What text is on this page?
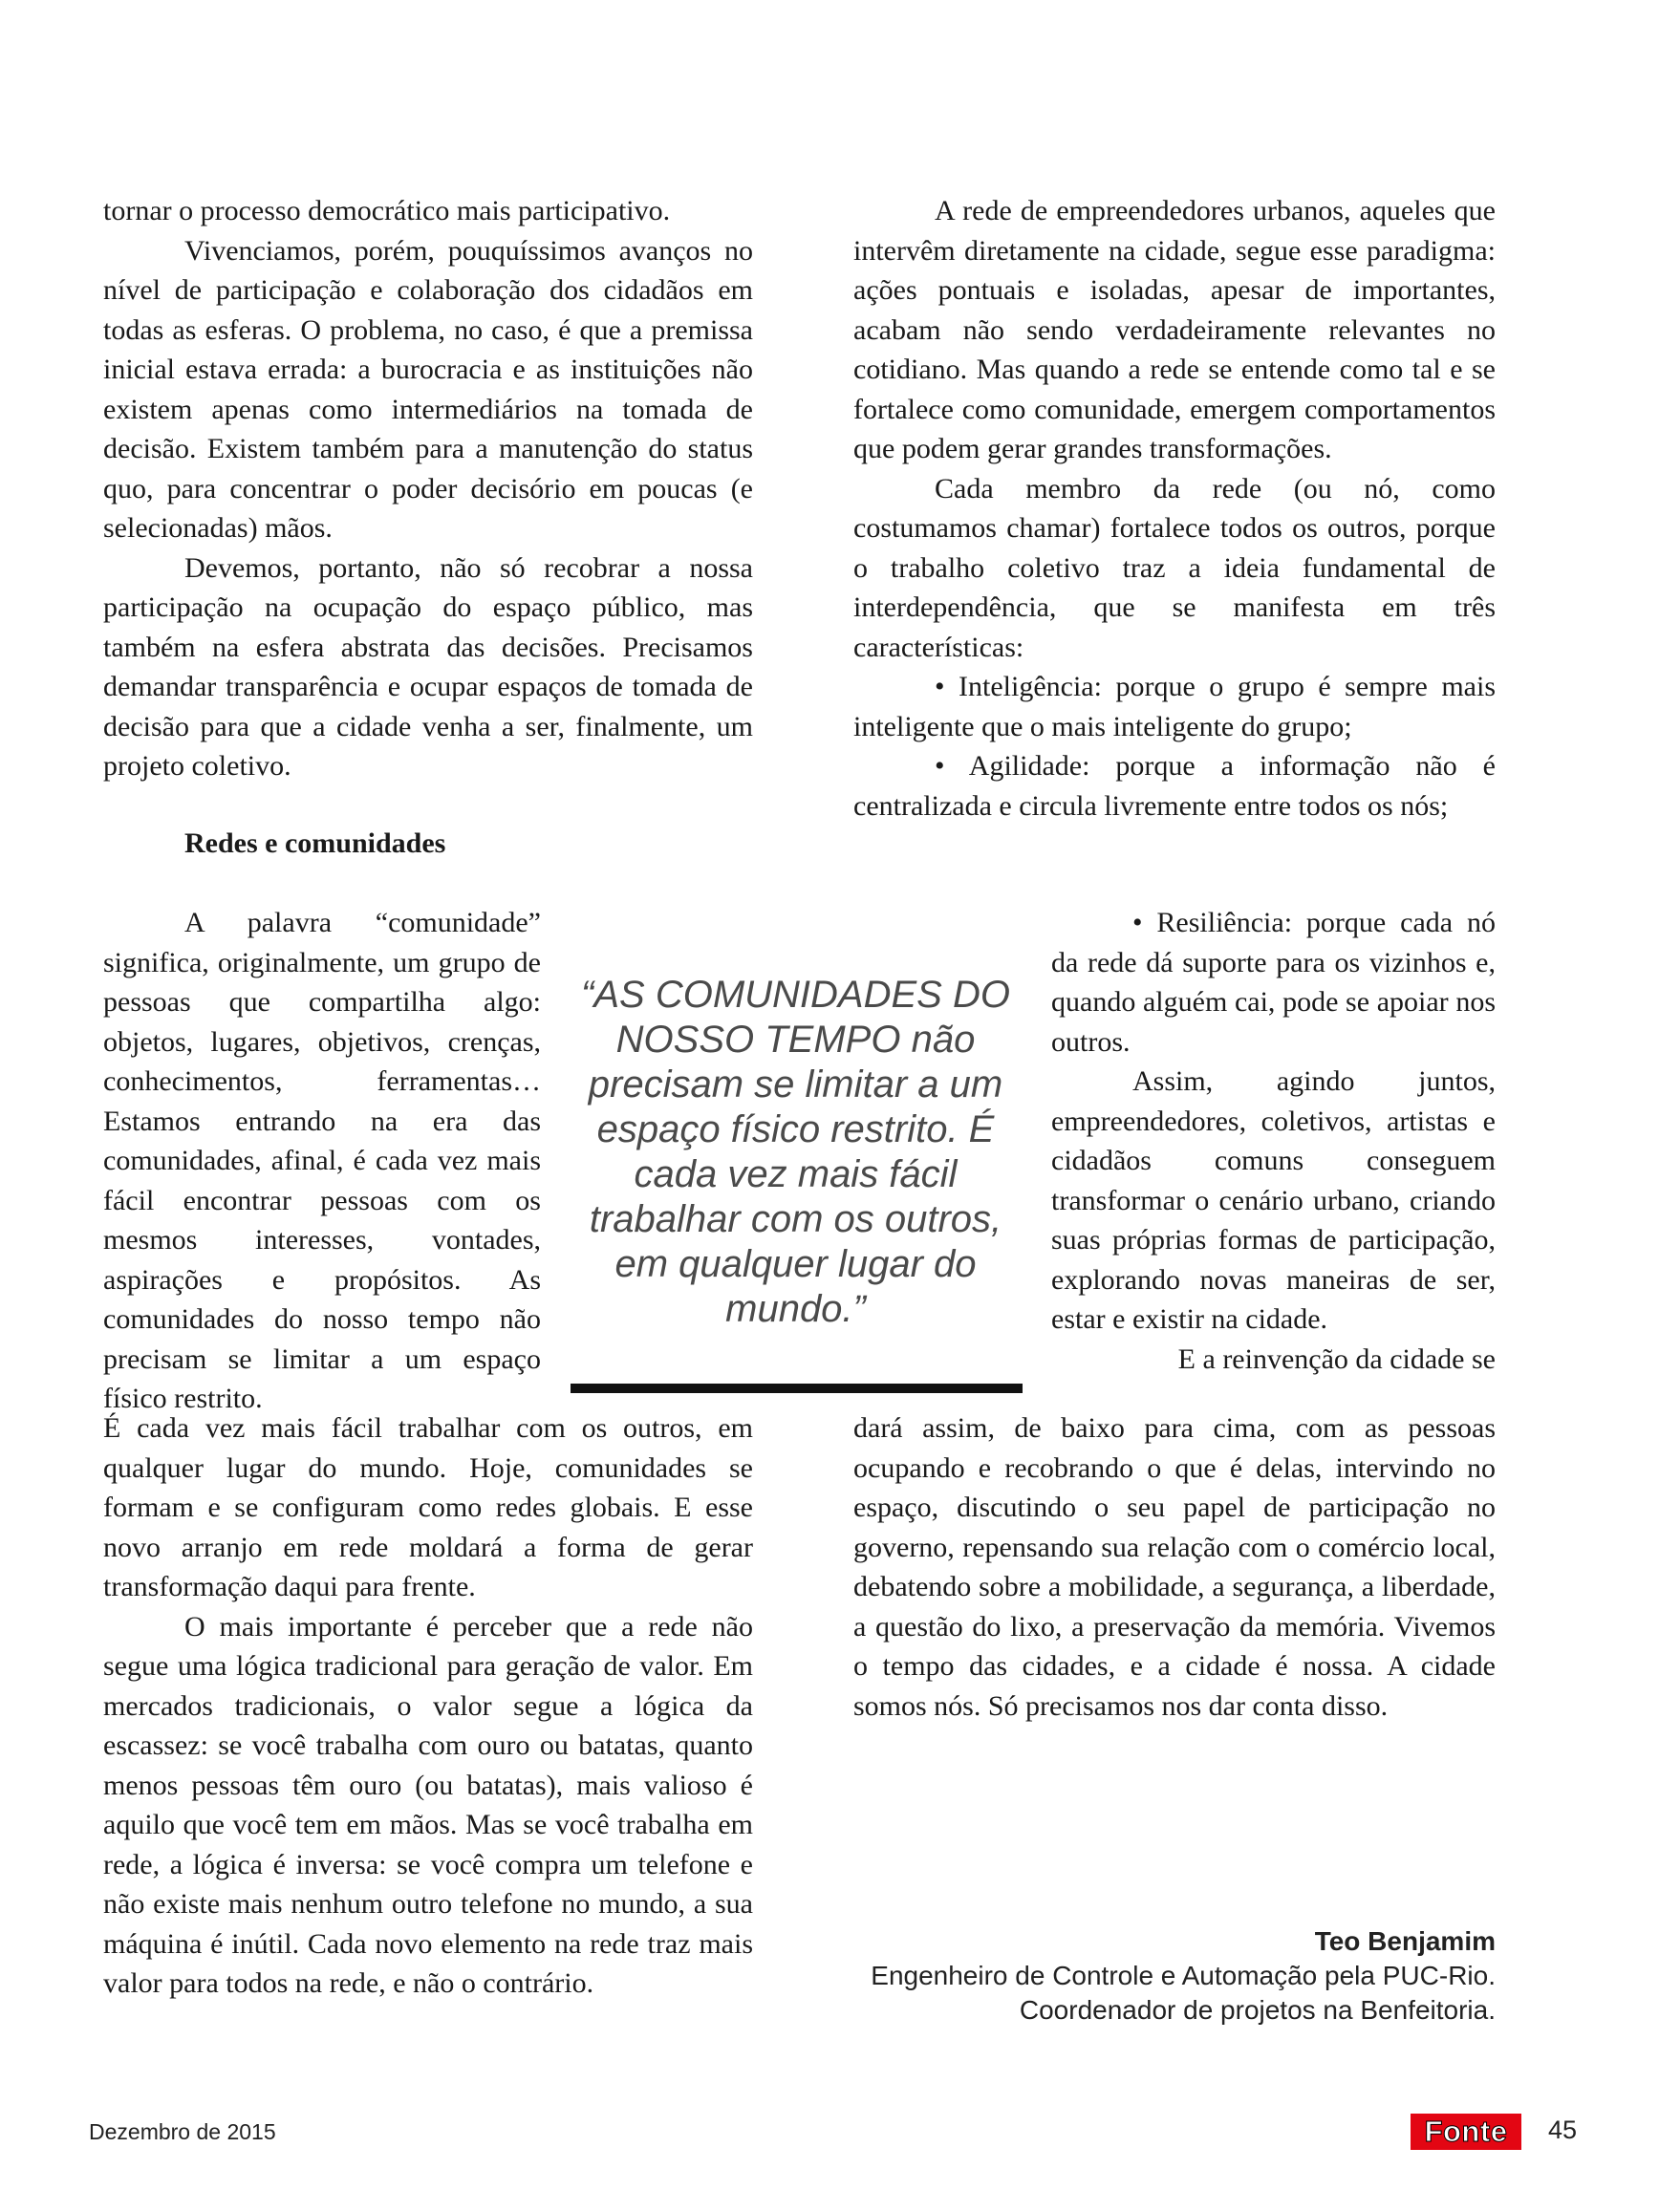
tornar o processo democrático mais participativo.

Vivenciamos, porém, pouquíssimos avanços no nível de participação e colaboração dos cidadãos em todas as esferas. O problema, no caso, é que a premissa inicial estava errada: a burocracia e as instituições não existem apenas como intermediários na tomada de decisão. Existem também para a manutenção do status quo, para concentrar o poder decisório em poucas (e selecionadas) mãos.

Devemos, portanto, não só recobrar a nossa participação na ocupação do espaço público, mas também na esfera abstrata das decisões. Precisamos demandar transparência e ocupar espaços de tomada de decisão para que a cidade venha a ser, finalmente, um projeto coletivo.

Redes e comunidades

A palavra “comunidade” significa, originalmente, um grupo de pessoas que compartilha algo: objetos, lugares, objetivos, crenças, conhecimentos, ferramentas… Estamos entrando na era das comunidades, afinal, é cada vez mais fácil encontrar pessoas com os mesmos interesses, vontades, aspirações e propósitos. As comunidades do nosso tempo não precisam se limitar a um espaço físico restrito.

É cada vez mais fácil trabalhar com os outros, em qualquer lugar do mundo. Hoje, comunidades se formam e se configuram como redes globais. E esse novo arranjo em rede moldará a forma de gerar transformação daqui para frente.

O mais importante é perceber que a rede não segue uma lógica tradicional para geração de valor. Em mercados tradicionais, o valor segue a lógica da escassez: se você trabalha com ouro ou batatas, quanto menos pessoas têm ouro (ou batatas), mais valioso é aquilo que você tem em mãos. Mas se você trabalha em rede, a lógica é inversa: se você compra um telefone e não existe mais nenhum outro telefone no mundo, a sua máquina é inútil. Cada novo elemento na rede traz mais valor para todos na rede, e não o contrário.

A rede de empreendedores urbanos, aqueles que intervêm diretamente na cidade, segue esse paradigma: ações pontuais e isoladas, apesar de importantes, acabam não sendo verdadeiramente relevantes no cotidiano. Mas quando a rede se entende como tal e se fortalece como comunidade, emergem comportamentos que podem gerar grandes transformações.

Cada membro da rede (ou nó, como costumamos chamar) fortalece todos os outros, porque o trabalho coletivo traz a ideia fundamental de interdependência, que se manifesta em três características:

• Inteligência: porque o grupo é sempre mais inteligente que o mais inteligente do grupo;

• Agilidade: porque a informação não é centralizada e circula livremente entre todos os nós;

• Resiliência: porque cada nó da rede dá suporte para os vizinhos e, quando alguém cai, pode se apoiar nos outros.

Assim, agindo juntos, empreendedores, coletivos, artistas e cidadãos comuns conseguem transformar o cenário urbano, criando suas próprias formas de participação, explorando novas maneiras de ser, estar e existir na cidade.

E a reinvenção da cidade se

dará assim, de baixo para cima, com as pessoas ocupando e recobrando o que é delas, intervindo no espaço, discutindo o seu papel de participação no governo, repensando sua relação com o comércio local, debatendo sobre a mobilidade, a segurança, a liberdade, a questão do lixo, a preservação da memória. Vivemos o tempo das cidades, e a cidade é nossa. A cidade somos nós. Só precisamos nos dar conta disso.

“AS COMUNIDADES DO NOSSO TEMPO não precisam se limitar a um espaço físico restrito. É cada vez mais fácil trabalhar com os outros, em qualquer lugar do mundo.”
Teo Benjamim
Engenheiro de Controle e Automação pela PUC-Rio. Coordenador de projetos na Benfeitoria.
Dezembro de 2015	Fonte	45
